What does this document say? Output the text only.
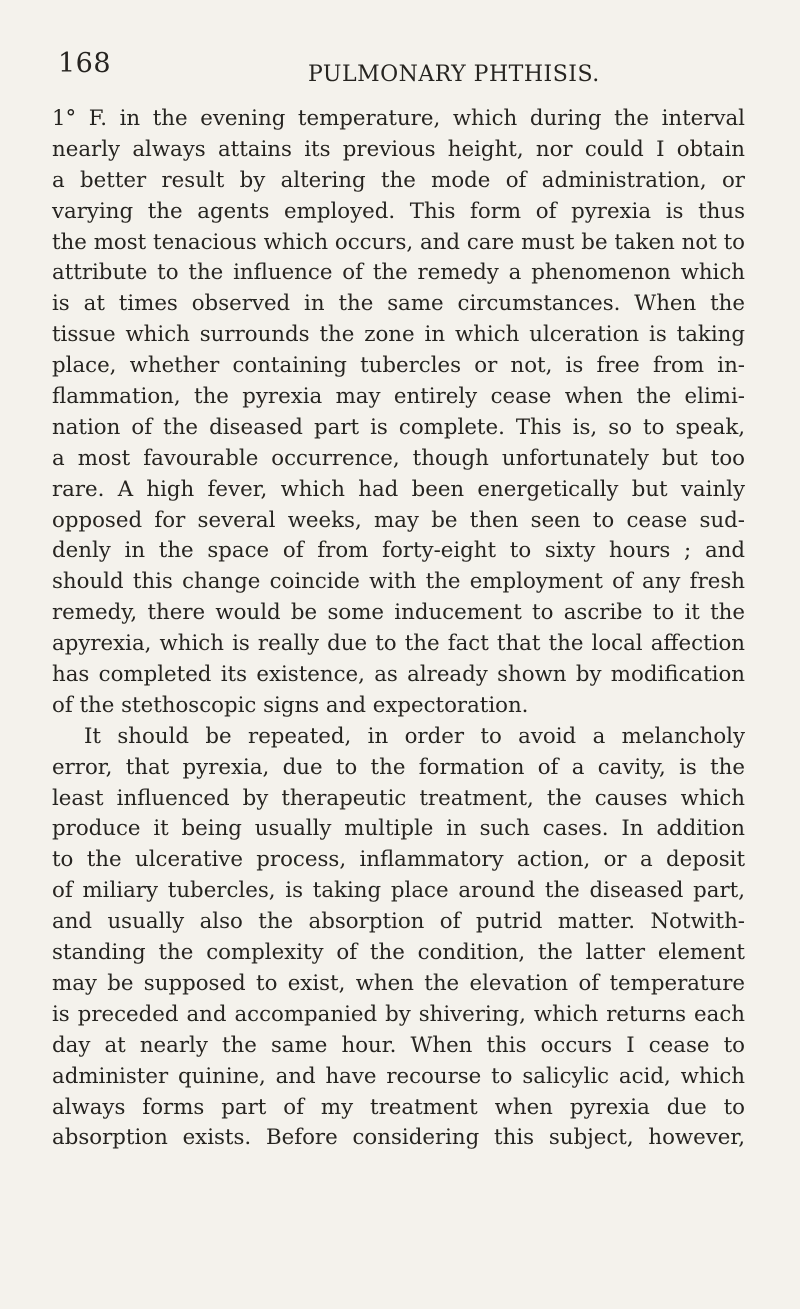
168	PULMONARY PHTHISIS.
1° F. in the evening temperature, which during the interval
nearly always attains its previous height, nor could I obtain
a better result by altering the mode of administration, or
varying the agents employed. This form of pyrexia is thus
the most tenacious which occurs, and care must be taken not to
attribute to the influence of the remedy a phenomenon which
is at times observed in the same circumstances. When the
tissue which surrounds the zone in which ulceration is taking
place, whether containing tubercles or not, is free from in-
flammation, the pyrexia may entirely cease when the elimi-
nation of the diseased part is complete. This is, so to speak,
a most favourable occurrence, though unfortunately but too
rare. A high fever, which had been energetically but vainly
opposed for several weeks, may be then seen to cease sud-
denly in the space of from forty-eight to sixty hours ; and
should this change coincide with the employment of any fresh
remedy, there would be some inducement to ascribe to it the
apyrexia, which is really due to the fact that the local affection
has completed its existence, as already shown by modification
of the stethoscopic signs and expectoration.
It should be repeated, in order to avoid a melancholy
error, that pyrexia, due to the formation of a cavity, is the
least influenced by therapeutic treatment, the causes which
produce it being usually multiple in such cases. In addition
to the ulcerative process, inflammatory action, or a deposit
of miliary tubercles, is taking place around the diseased part,
and usually also the absorption of putrid matter. Notwith-
standing the complexity of the condition, the latter element
may be supposed to exist, when the elevation of temperature
is preceded and accompanied by shivering, which returns each
day at nearly the same hour. When this occurs I cease to
administer quinine, and have recourse to salicylic acid, which
always forms part of my treatment when pyrexia due to
absorption exists. Before considering this subject, however,
